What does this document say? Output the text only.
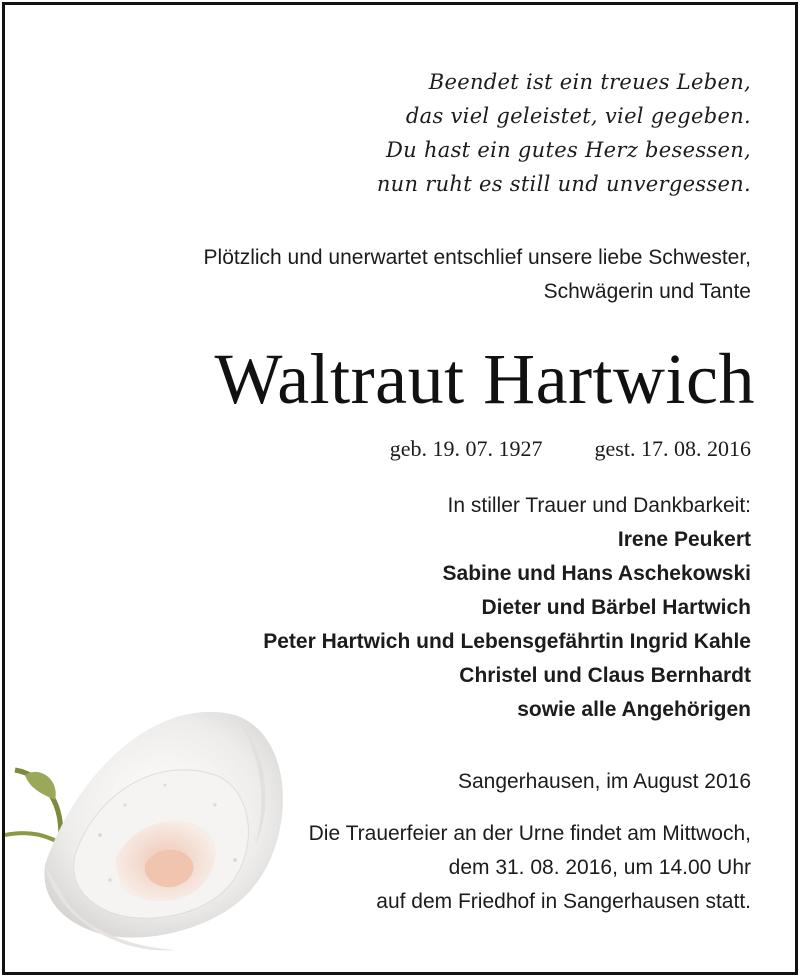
Beendet ist ein treues Leben,
das viel geleistet, viel gegeben.
Du hast ein gutes Herz besessen,
nun ruht es still und unvergessen.
Plötzlich und unerwartet entschlief unsere liebe Schwester,
Schwägerin und Tante
Waltraut Hartwich
geb. 19. 07. 1927 gest. 17. 08. 2016
In stiller Trauer und Dankbarkeit:
Irene Peukert
Sabine und Hans Aschekowski
Dieter und Bärbel Hartwich
Peter Hartwich und Lebensgefährtin Ingrid Kahle
Christel und Claus Bernhardt
sowie alle Angehörigen
Sangerhausen, im August 2016
Die Trauerfeier an der Urne findet am Mittwoch,
dem 31. 08. 2016, um 14.00 Uhr
auf dem Friedhof in Sangerhausen statt.
